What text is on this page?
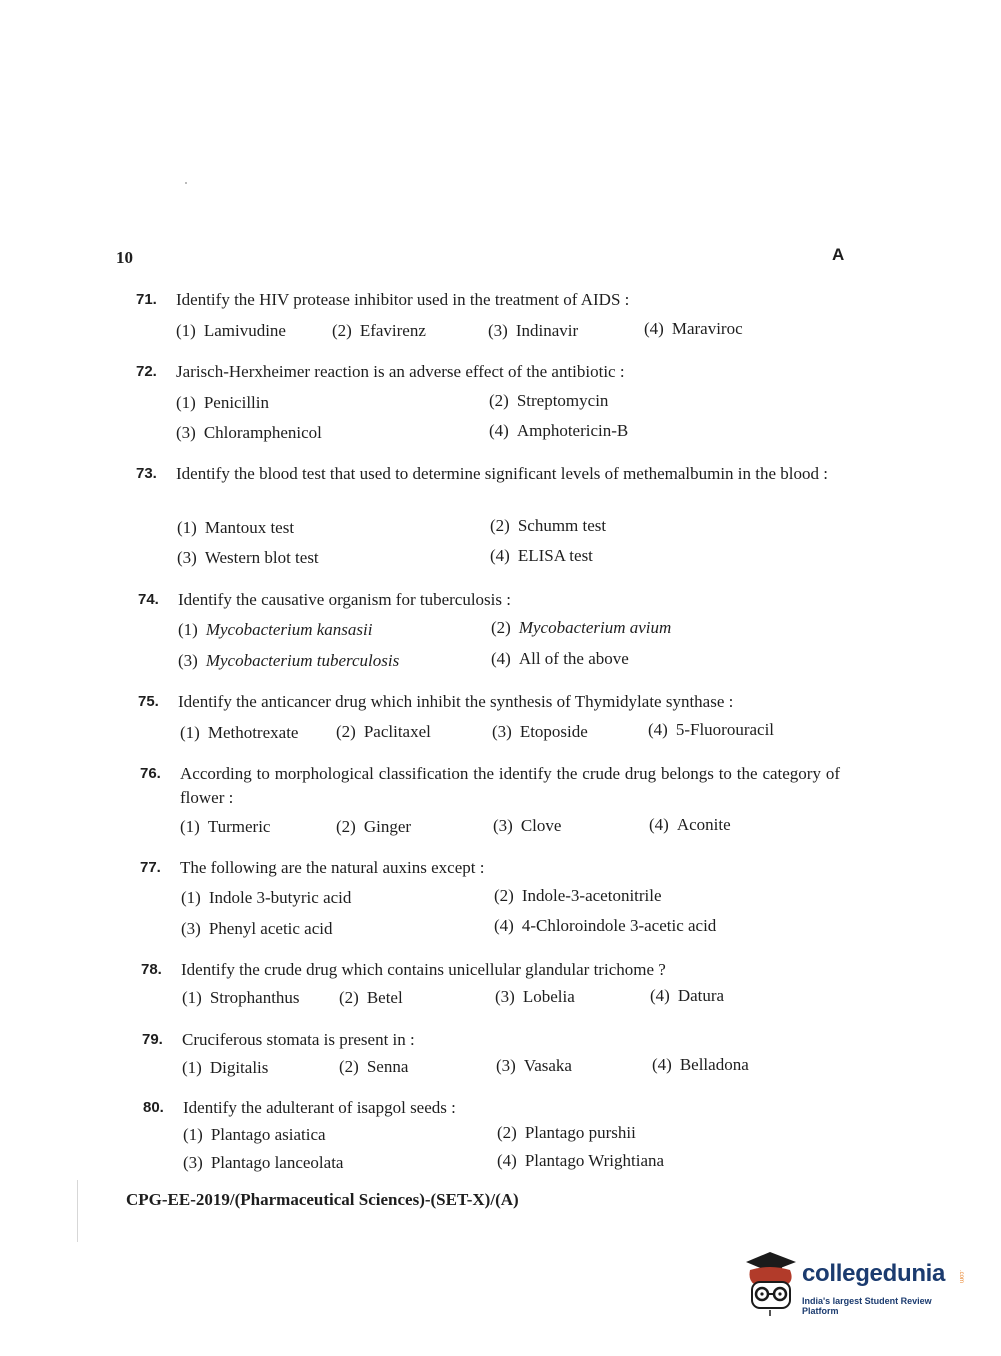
10	A
71. Identify the HIV protease inhibitor used in the treatment of AIDS :
(1) Lamivudine	(2) Efavirenz	(3) Indinavir	(4) Maraviroc
72. Jarisch-Herxheimer reaction is an adverse effect of the antibiotic :
(1) Penicillin	(2) Streptomycin
(3) Chloramphenicol	(4) Amphotericin-B
73. Identify the blood test that used to determine significant levels of methemalbumin in the blood :
(1) Mantoux test	(2) Schumm test
(3) Western blot test	(4) ELISA test
74. Identify the causative organism for tuberculosis :
(1) Mycobacterium kansasii	(2) Mycobacterium avium
(3) Mycobacterium tuberculosis	(4) All of the above
75. Identify the anticancer drug which inhibit the synthesis of Thymidylate synthase :
(1) Methotrexate (2) Paclitaxel	(3) Etoposide	(4) 5-Fluorouracil
76. According to morphological classification the identify the crude drug belongs to the category of flower :
(1) Turmeric	(2) Ginger	(3) Clove	(4) Aconite
77. The following are the natural auxins except :
(1) Indole 3-butyric acid	(2) Indole-3-acetonitrile
(3) Phenyl acetic acid	(4) 4-Chloroindole 3-acetic acid
78. Identify the crude drug which contains unicellular glandular trichome ?
(1) Strophanthus (2) Betel	(3) Lobelia	(4) Datura
79. Cruciferous stomata is present in :
(1) Digitalis	(2) Senna	(3) Vasaka	(4) Belladona
80. Identify the adulterant of isapgol seeds :
(1) Plantago asiatica	(2) Plantago purshii
(3) Plantago lanceolata	(4) Plantago Wrightiana
CPG-EE-2019/(Pharmaceutical Sciences)-(SET-X)/(A)
collegedunia .com
India's largest Student Review Platform
